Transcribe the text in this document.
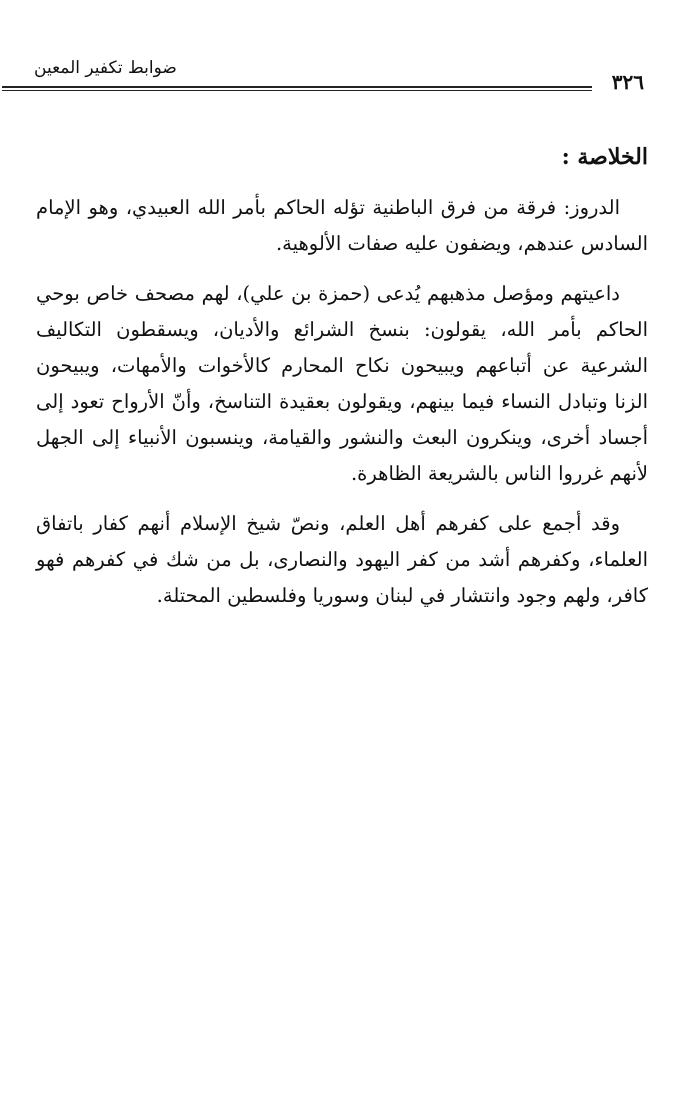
ضوابط تكفير المعين
٣٢٦
الخلاصة :

الدروز: فرقة من فرق الباطنية تؤله الحاكم بأمر الله العبيدي، وهو الإمام السادس عندهم، ويضفون عليه صفات الألوهية.

داعيتهم ومؤصل مذهبهم يُدعى (حمزة بن علي)، لهم مصحف خاص بوحي الحاكم بأمر الله، يقولون: بنسخ الشرائع والأديان، ويسقطون التكاليف الشرعية عن أتباعهم ويبيحون نكاح المحارم كالأخوات والأمهات، ويبيحون الزنا وتبادل النساء فيما بينهم، ويقولون بعقيدة التناسخ، وأنّ الأرواح تعود إلى أجساد أخرى، وينكرون البعث والنشور والقيامة، وينسبون الأنبياء إلى الجهل لأنهم غرروا الناس بالشريعة الظاهرة.

وقد أجمع على كفرهم أهل العلم، ونصّ شيخ الإسلام أنهم كفار باتفاق العلماء، وكفرهم أشد من كفر اليهود والنصارى، بل من شك في كفرهم فهو كافر، ولهم وجود وانتشار في لبنان وسوريا وفلسطين المحتلة.
